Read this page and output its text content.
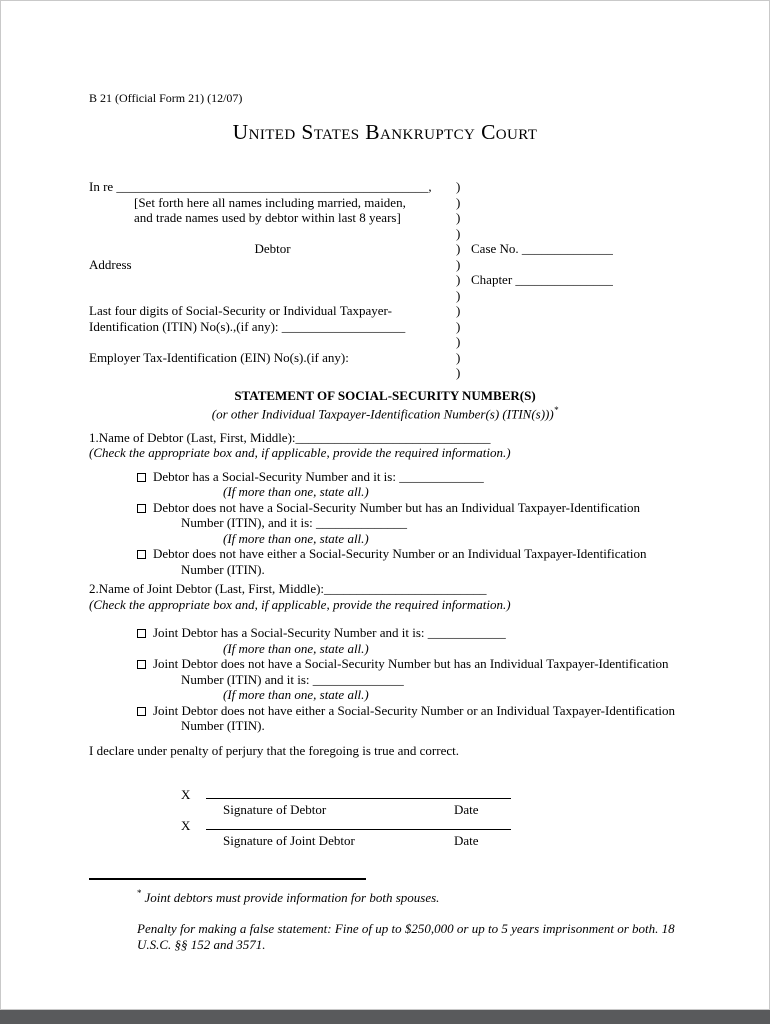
B 21 (Official Form 21) (12/07)
United States Bankruptcy Court
In re ________________________________________________,	)
[Set forth here all names including married, maiden,	)
and trade names used by debtor within last 8 years]	)
)
Debtor	) Case No. ______________
Address	)
) Chapter _______________
)
Last four digits of Social-Security or Individual Taxpayer-	)
Identification (ITIN) No(s).,(if any): ___________________	)
)
Employer Tax-Identification (EIN) No(s).(if any):	)
)
STATEMENT OF SOCIAL-SECURITY NUMBER(S)
(or other Individual Taxpayer-Identification Number(s) (ITIN(s)))*
1.Name of Debtor (Last, First, Middle):______________________________
(Check the appropriate box and, if applicable, provide the required information.)
Debtor has a Social-Security Number and it is: _____________
(If more than one, state all.)
Debtor does not have a Social-Security Number but has an Individual Taxpayer-Identification
Number (ITIN), and it is: ______________
(If more than one, state all.)
Debtor does not have either a Social-Security Number or an Individual Taxpayer-Identification
Number (ITIN).
2.Name of Joint Debtor (Last, First, Middle):_________________________
(Check the appropriate box and, if applicable, provide the required information.)
Joint Debtor has a Social-Security Number and it is: ____________
(If more than one, state all.)
Joint Debtor does not have a Social-Security Number but has an Individual Taxpayer-Identification
Number (ITIN) and it is: ______________
(If more than one, state all.)
Joint Debtor does not have either a Social-Security Number or an Individual Taxpayer-Identification
Number (ITIN).
I declare under penalty of perjury that the foregoing is true and correct.
X
Signature of Debtor	Date
X
Signature of Joint Debtor	Date
* Joint debtors must provide information for both spouses.
Penalty for making a false statement: Fine of up to $250,000 or up to 5 years imprisonment or both. 18
U.S.C. §§ 152 and 3571.
